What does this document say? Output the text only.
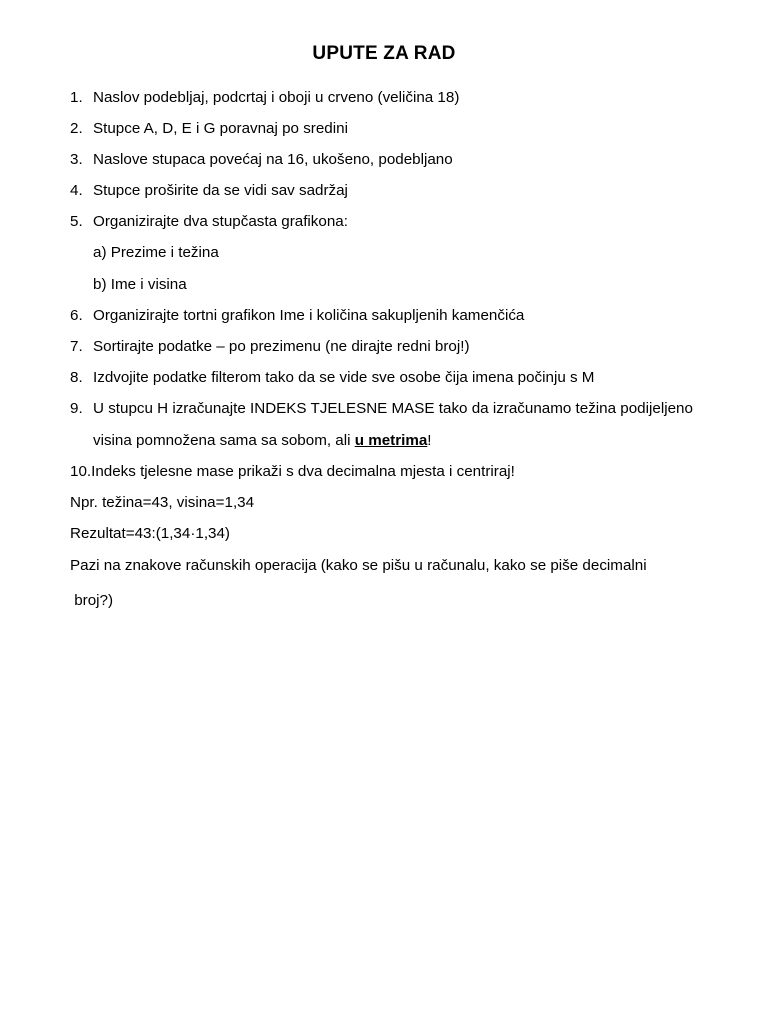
UPUTE ZA RAD
1. Naslov podebljaj, podcrtaj i oboji u crveno (veličina 18)
2. Stupce A, D, E i G poravnaj po sredini
3. Naslove stupaca povećaj na 16, ukošeno, podebljano
4. Stupce proširite da se vidi sav sadržaj
5. Organizirajte dva stupčasta grafikona:
a) Prezime i težina
b) Ime i visina
6. Organizirajte tortni grafikon Ime i količina sakupljenih kamenčića
7. Sortirajte podatke – po prezimenu (ne dirajte redni broj!)
8. Izdvojite podatke filterom tako da se vide sve osobe čija imena počinju s M
9. U stupcu H izračunajte INDEKS TJELESNE MASE tako da izračunamo težina podijeljeno
visina pomnožena sama sa sobom, ali u metrima!
10.Indeks tjelesne mase prikaži s dva decimalna mjesta i centriraj!
Npr. težina=43, visina=1,34
Rezultat=43:(1,34·1,34)
Pazi na znakove računskih operacija (kako se pišu u računalu, kako se piše decimalni
broj?)
